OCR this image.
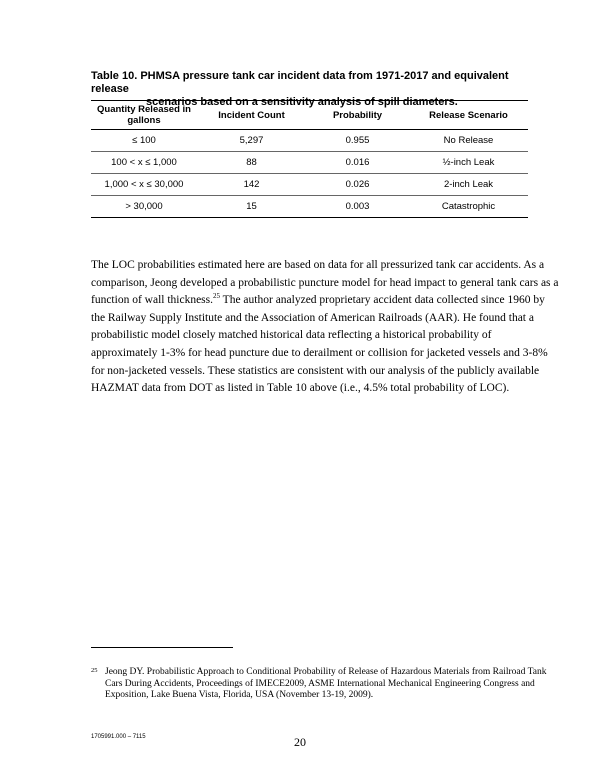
Table 10. PHMSA pressure tank car incident data from 1971-2017 and equivalent release
scenarios based on a sensitivity analysis of spill diameters.
Quantity Released in gallons	Incident Count	Probability	Release Scenario
≤ 100	5,297	0.955	No Release
100 < x ≤ 1,000	88	0.016	½-inch Leak
1,000 < x ≤ 30,000	142	0.026	2-inch Leak
> 30,000	15	0.003	Catastrophic

The LOC probabilities estimated here are based on data for all pressurized tank car accidents. As a comparison, Jeong developed a probabilistic puncture model for head impact to general tank cars as a function of wall thickness.$^{25}$ The author analyzed proprietary accident data collected since 1960 by the Railway Supply Institute and the Association of American Railroads (AAR). He found that a probabilistic model closely matched historical data reflecting a historical probability of approximately 1-3% for head puncture due to derailment or collision for jacketed vessels and 3-8% for non-jacketed vessels. These statistics are consistent with our analysis of the publicly available HAZMAT data from DOT as listed in Table 10 above (i.e., 4.5% total probability of LOC).

25 Jeong DY. Probabilistic Approach to Conditional Probability of Release of Hazardous Materials from Railroad Tank Cars During Accidents, Proceedings of IMECE2009, ASME International Mechanical Engineering Congress and Exposition, Lake Buena Vista, Florida, USA (November 13-19, 2009).
1705991.000 – 7115	20
